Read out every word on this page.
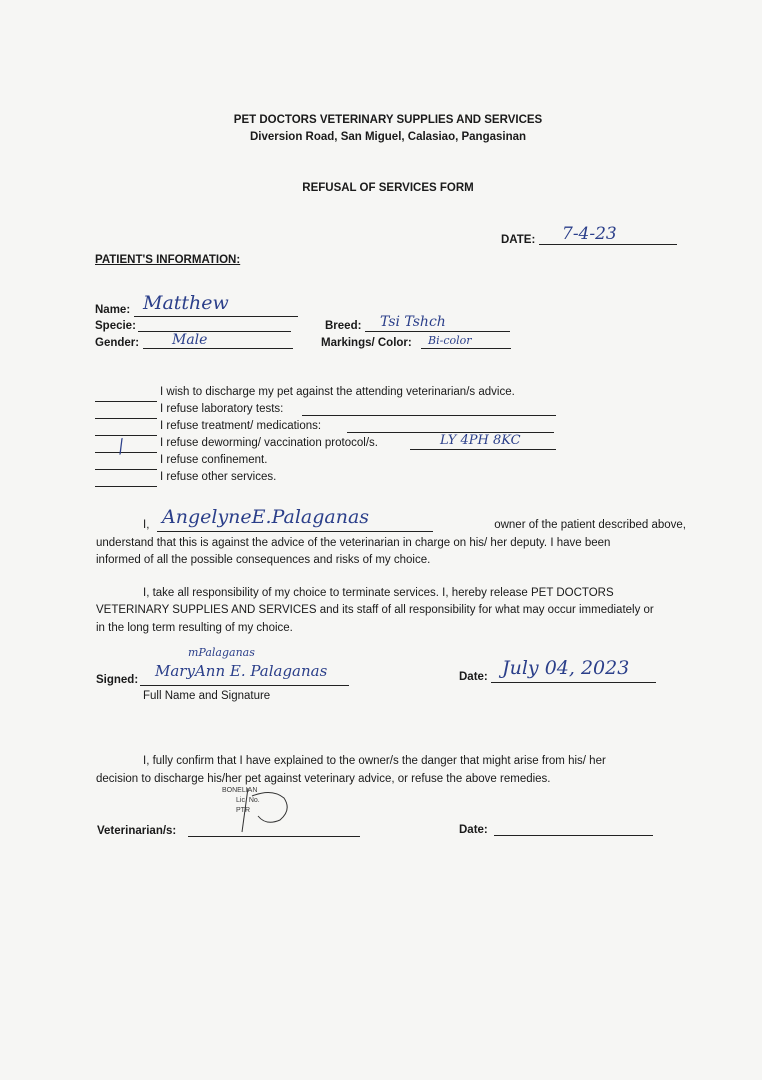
PET DOCTORS VETERINARY SUPPLIES AND SERVICES
Diversion Road, San Miguel, Calasiao, Pangasinan
REFUSAL OF SERVICES FORM
DATE: 7-4-23
PATIENT'S INFORMATION:
Name: Matthew
Specie:
Gender: Male
Breed: Tsi Tshch
Markings/ Color: Bi-color
I wish to discharge my pet against the attending veterinarian/s advice.
I refuse laboratory tests:
I refuse treatment/ medications:
/	I refuse deworming/ vaccination protocol/s.	LY 4PH 8KC
I refuse confinement.
I refuse other services.
I, AngelyneE.Palaganas	owner of the patient described above,
understand that this is against the advice of the veterinarian in charge on his/ her deputy. I have been
informed of all the possible consequences and risks of my choice.
I, take all responsibility of my choice to terminate services. I, hereby release PET DOCTORS
VETERINARY SUPPLIES AND SERVICES and its staff of all responsibility for what may occur immediately or
in the long term resulting of my choice.
Signed:
mPalaganas
MaryAnn E. Palaganas
Full Name and Signature
Date: July 04, 2023
I, fully confirm that I have explained to the owner/s the danger that might arise from his/ her
decision to discharge his/her pet against veterinary advice, or refuse the above remedies.
BONELIAN
Lic. No.
PTR
Veterinarian/s:	Date:
